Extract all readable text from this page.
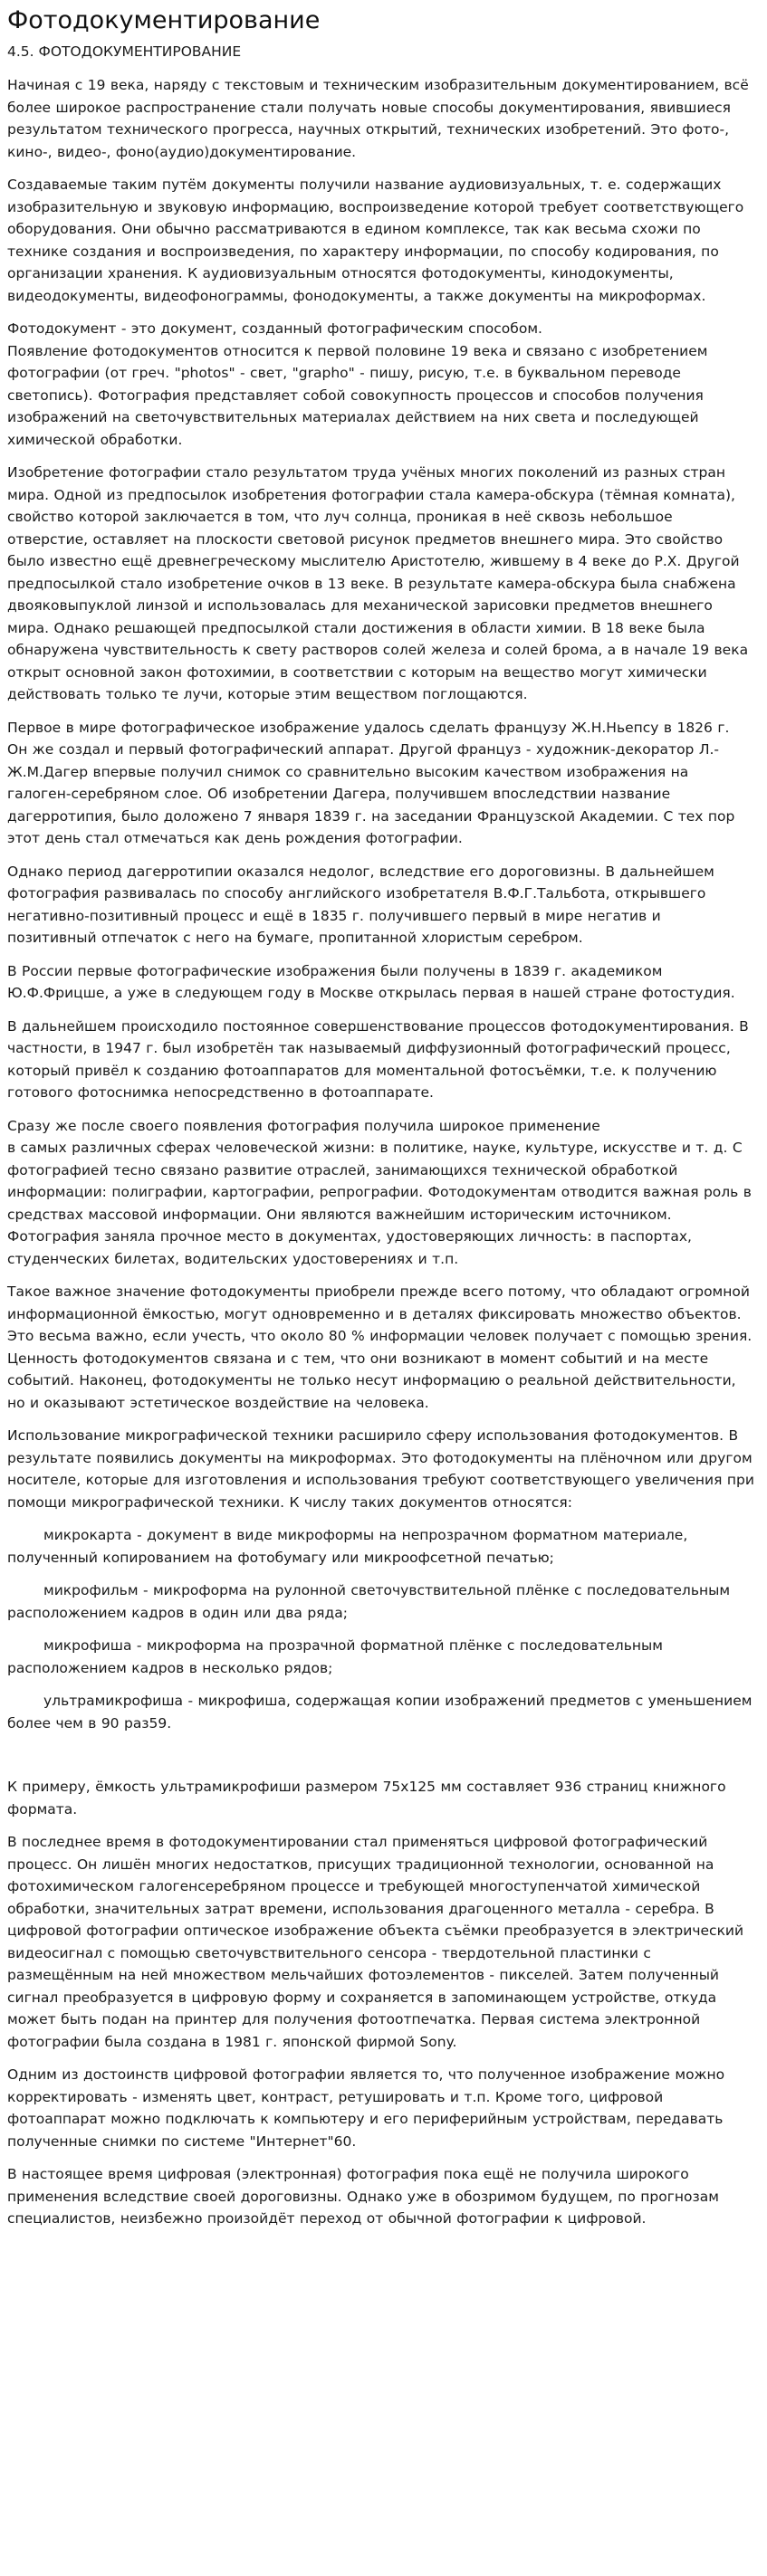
Фотодокументирование
4.5. ФОТОДОКУМЕНТИРОВАНИЕ

Начиная с 19 века, наряду с текстовым и техническим изобразительным документированием, всё более широкое распространение стали получать новые способы документирования, явившиеся результатом технического прогресса, научных открытий, технических изобретений. Это фото-, кино-, видео-, фоно(аудио)документирование.

Создаваемые таким путём документы получили название аудиовизуальных, т. е. содержащих изобразительную и звуковую информацию, воспроизведение которой требует соответствующего оборудования. Они обычно рассматриваются в едином комплексе, так как весьма схожи по технике создания и воспроизведения, по характеру информации, по способу кодирования, по организации хранения. К аудиовизуальным относятся фотодокументы, кинодокументы, видеодокументы, видеофонограммы, фонодокументы, а также документы на микроформах.

Фотодокумент - это документ, созданный фотографическим способом.
Появление фотодокументов относится к первой половине 19 века и связано с изобретением фотографии (от греч. "photos" - свет, "grapho" - пишу, рисую, т.е. в буквальном переводе светопись). Фотография представляет собой совокупность процессов и способов получения изображений на светочувствительных материалах действием на них света и последующей химической обработки.

Изобретение фотографии стало результатом труда учёных многих поколений из разных стран мира. Одной из предпосылок изобретения фотографии стала камера-обскура (тёмная комната), свойство которой заключается в том, что луч солнца, проникая в неё сквозь небольшое отверстие, оставляет на плоскости световой рисунок предметов внешнего мира. Это свойство было известно ещё древнегреческому мыслителю Аристотелю, жившему в 4 веке до Р.Х. Другой предпосылкой стало изобретение очков в 13 веке. В результате камера-обскура была снабжена двояковыпуклой линзой и использовалась для механической зарисовки предметов внешнего мира. Однако решающей предпосылкой стали достижения в области химии. В 18 веке была обнаружена чувствительность к свету растворов солей железа и солей брома, а в начале 19 века открыт основной закон фотохимии, в соответствии с которым на вещество могут химически действовать только те лучи, которые этим веществом поглощаются.

Первое в мире фотографическое изображение удалось сделать французу Ж.Н.Ньепсу в 1826 г. Он же создал и первый фотографический аппарат. Другой француз - художник-декоратор Л.-Ж.М.Дагер впервые получил снимок со сравнительно высоким качеством изображения на галоген-серебряном слое. Об изобретении Дагера, получившем впоследствии название дагерротипия, было доложено 7 января 1839 г. на заседании Французской Академии. С тех пор этот день стал отмечаться как день рождения фотографии.

Однако период дагерротипии оказался недолог, вследствие его дороговизны. В дальнейшем фотография развивалась по способу английского изобретателя В.Ф.Г.Тальбота, открывшего негативно-позитивный процесс и ещё в 1835 г. получившего первый в мире негатив и позитивный отпечаток с него на бумаге, пропитанной хлористым серебром.

В России первые фотографические изображения были получены в 1839 г. академиком Ю.Ф.Фрицше, а уже в следующем году в Москве открылась первая в нашей стране фотостудия.

В дальнейшем происходило постоянное совершенствование процессов фотодокументирования. В частности, в 1947 г. был изобретён так называемый диффузионный фотографический процесс, который привёл к созданию фотоаппаратов для моментальной фотосъёмки, т.е. к получению готового фотоснимка непосредственно в фотоаппарате.

Сразу же после своего появления фотография получила широкое применение
в самых различных сферах человеческой жизни: в политике, науке, культуре, искусстве и т. д. С фотографией тесно связано развитие отраслей, занимающихся технической обработкой информации: полиграфии, картографии, репрографии. Фотодокументам отводится важная роль в средствах массовой информации. Они являются важнейшим историческим источником. Фотография заняла прочное место в документах, удостоверяющих личность: в паспортах, студенческих билетах, водительских удостоверениях и т.п.

Такое важное значение фотодокументы приобрели прежде всего потому, что обладают огромной информационной ёмкостью, могут одновременно и в деталях фиксировать множество объектов. Это весьма важно, если учесть, что около 80 % информации человек получает с помощью зрения. Ценность фотодокументов связана и с тем, что они возникают в момент событий и на месте событий. Наконец, фотодокументы не только несут информацию о реальной действительности, но и оказывают эстетическое воздействие на человека.

Использование микрографической техники расширило сферу использования фотодокументов. В результате появились документы на микроформах. Это фотодокументы на плёночном или другом носителе, которые для изготовления и использования требуют соответствующего увеличения при помощи микрографической техники. К числу таких документов относятся:

микрокарта - документ в виде микроформы на непрозрачном форматном материале, полученный копированием на фотобумагу или микроофсетной печатью;

микрофильм - микроформа на рулонной светочувствительной плёнке с последовательным расположением кадров в один или два ряда;

микрофиша - микроформа на прозрачной форматной плёнке с последовательным расположением кадров в несколько рядов;

ультрамикрофиша - микрофиша, содержащая копии изображений предметов с уменьшением более чем в 90 раз59.

К примеру, ёмкость ультрамикрофиши размером 75х125 мм составляет 936 страниц книжного формата.

В последнее время в фотодокументировании стал применяться цифровой фотографический процесс. Он лишён многих недостатков, присущих традиционной технологии, основанной на фотохимическом галогенсеребряном процессе и требующей многоступенчатой химической обработки, значительных затрат времени, использования драгоценного металла - серебра. В цифровой фотографии оптическое изображение объекта съёмки преобразуется в электрический видеосигнал с помощью светочувствительного сенсора - твердотельной пластинки с размещённым на ней множеством мельчайших фотоэлементов - пикселей. Затем полученный сигнал преобразуется в цифровую форму и сохраняется в запоминающем устройстве, откуда может быть подан на принтер для получения фотоотпечатка. Первая система электронной фотографии была создана в 1981 г. японской фирмой Sony.

Одним из достоинств цифровой фотографии является то, что полученное изображение можно корректировать - изменять цвет, контраст, ретушировать и т.п. Кроме того, цифровой фотоаппарат можно подключать к компьютеру и его периферийным устройствам, передавать полученные снимки по системе "Интернет"60.

В настоящее время цифровая (электронная) фотография пока ещё не получила широкого применения вследствие своей дороговизны. Однако уже в обозримом будущем, по прогнозам специалистов, неизбежно произойдёт переход от обычной фотографии к цифровой.
